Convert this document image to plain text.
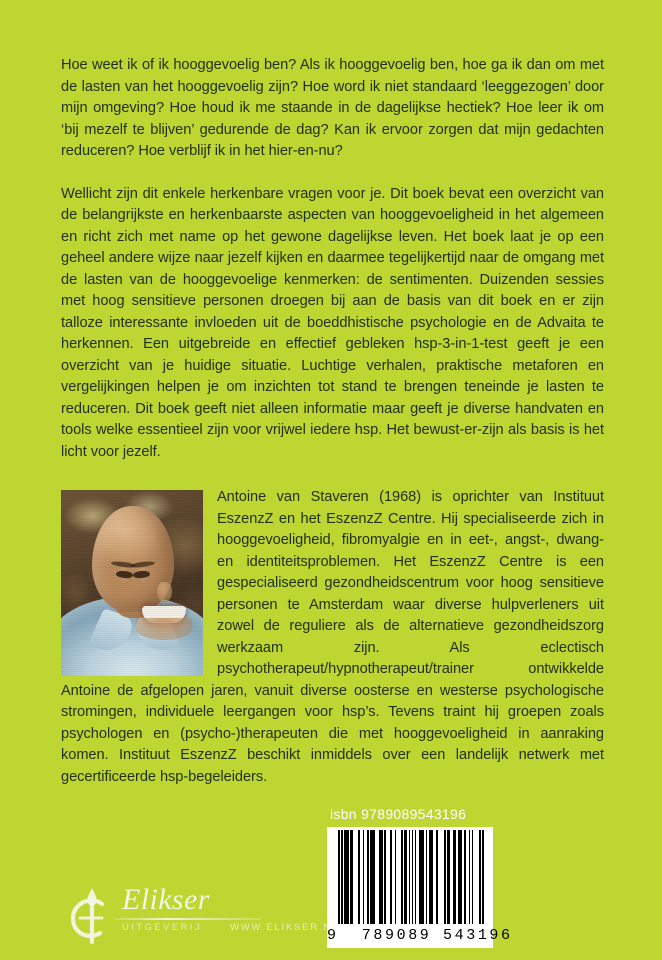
Hoe weet ik of ik hooggevoelig ben? Als ik hooggevoelig ben, hoe ga ik dan om met de lasten van het hooggevoelig zijn? Hoe word ik niet standaard ‘leeggezogen’ door mijn omgeving? Hoe houd ik me staande in de dagelijkse hectiek? Hoe leer ik om ‘bij mezelf te blijven’ gedurende de dag? Kan ik ervoor zorgen dat mijn gedachten reduceren? Hoe verblijf ik in het hier-en-nu?

Wellicht zijn dit enkele herkenbare vragen voor je. Dit boek bevat een overzicht van de belangrijkste en herkenbaarste aspecten van hooggevoeligheid in het algemeen en richt zich met name op het gewone dagelijkse leven. Het boek laat je op een geheel andere wijze naar jezelf kijken en daarmee tegelijkertijd naar de omgang met de lasten van de hooggevoelige kenmerken: de sentimenten. Duizenden sessies met hoog sensitieve personen droegen bij aan de basis van dit boek en er zijn talloze interessante invloeden uit de boeddhistische psychologie en de Advaita te herkennen. Een uitgebreide en effectief gebleken hsp-3-in-1-test geeft je een overzicht van je huidige situatie. Luchtige verhalen, praktische metaforen en vergelijkingen helpen je om inzichten tot stand te brengen teneinde je lasten te reduceren. Dit boek geeft niet alleen informatie maar geeft je diverse handvaten en tools welke essentieel zijn voor vrijwel iedere hsp. Het bewust-er-zijn als basis is het licht voor jezelf.

Antoine van Staveren (1968) is oprichter van Instituut EszenzZ en het EszenzZ Centre. Hij specialiseerde zich in hooggevoeligheid, fibromyalgie en in eet-, angst-, dwang- en identiteitsproblemen. Het EszenzZ Centre is een gespecialiseerd gezondheidscentrum voor hoog sensitieve personen te Amsterdam waar diverse hulpverleners uit zowel de reguliere als de alternatieve gezondheidszorg werkzaam zijn. Als eclectisch psychotherapeut/hypnotherapeut/trainer ontwikkelde Antoine de afgelopen jaren, vanuit diverse oosterse en westerse psychologische stromingen, individuele leergangen voor hsp’s. Tevens traint hij groepen zoals psychologen en (psycho-)therapeuten die met hooggevoeligheid in aanraking komen. Instituut EszenzZ beschikt inmiddels over een landelijk netwerk met gecertificeerde hsp-begeleiders.

isbn 9789089543196
9  789089 543196
Elikser
UITGEVERIJ	WWW.ELIKSER.NL
